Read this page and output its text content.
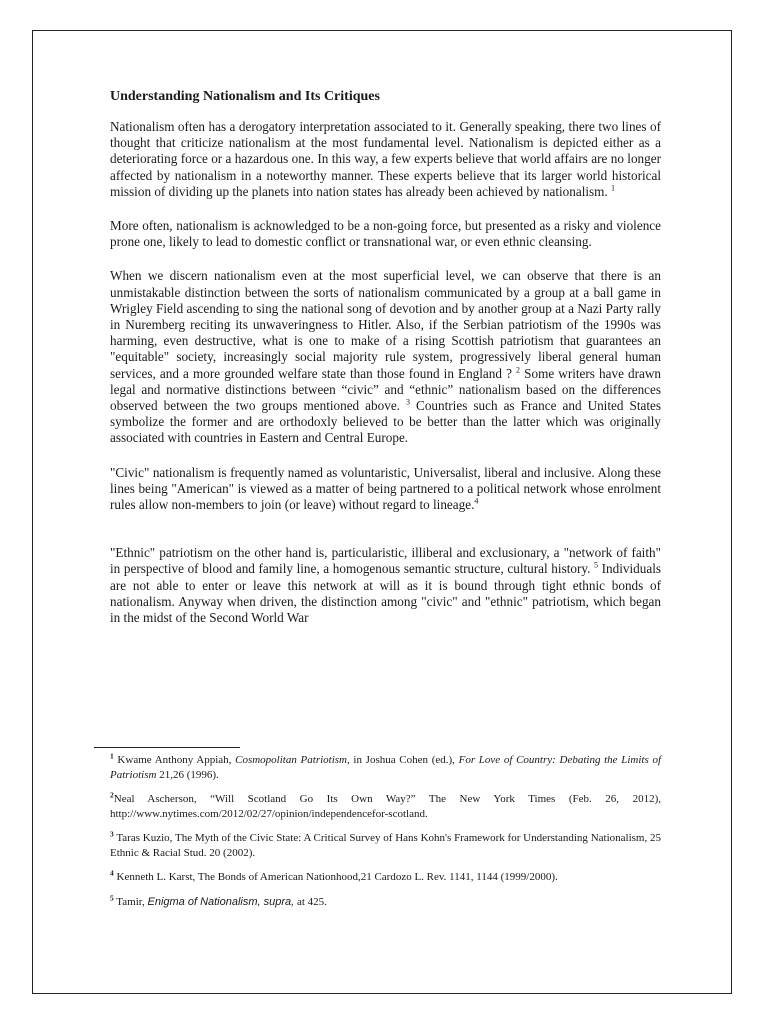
Understanding Nationalism and Its Critiques

Nationalism often has a derogatory interpretation associated to it. Generally speaking, there two lines of thought that criticize nationalism at the most fundamental level. Nationalism is depicted either as a deteriorating force or a hazardous one. In this way, a few experts believe that world affairs are no longer affected by nationalism in a noteworthy manner. These experts believe that its larger world historical mission of dividing up the planets into nation states has already been achieved by nationalism. $^1$

More often, nationalism is acknowledged to be a non-going force, but presented as a risky and violence prone one, likely to lead to domestic conflict or transnational war, or even ethnic cleansing.

When we discern nationalism even at the most superficial level, we can observe that there is an unmistakable distinction between the sorts of nationalism communicated by a group at a ball game in Wrigley Field ascending to sing the national song of devotion and by another group at a Nazi Party rally in Nuremberg reciting its unwaveringness to Hitler. Also, if the Serbian patriotism of the 1990s was harming, even destructive, what is one to make of a rising Scottish patriotism that guarantees an "equitable" society, increasingly social majority rule system, progressively liberal general human services, and a more grounded welfare state than those found in England ? $^2$ Some writers have drawn legal and normative distinctions between “civic” and “ethnic” nationalism based on the differences observed between the two groups mentioned above. $^3$ Countries such as France and United States symbolize the former and are orthodoxly believed to be better than the latter which was originally associated with countries in Eastern and Central Europe.

"Civic" nationalism is frequently named as voluntaristic, Universalist, liberal and inclusive. Along these lines being "American" is viewed as a matter of being partnered to a political network whose enrolment rules allow non-members to join (or leave) without regard to lineage.$^4$

"Ethnic" patriotism on the other hand is, particularistic, illiberal and exclusionary, a "network of faith" in perspective of blood and family line, a homogenous semantic structure, cultural history. $^5$ Individuals are not able to enter or leave this network at will as it is bound through tight ethnic bonds of nationalism. Anyway when driven, the distinction among "civic" and "ethnic" patriotism, which began in the midst of the Second World War

$^1$ Kwame Anthony Appiah, Cosmopolitan Patriotism, in Joshua Cohen (ed.), For Love of Country: Debating the Limits of Patriotism 21,26 (1996).

$^2$Neal Ascherson, “Will Scotland Go Its Own Way?” The New York Times (Feb. 26, 2012), http://www.nytimes.com/2012/02/27/opinion/independencefor-scotland.

$^3$ Taras Kuzio, The Myth of the Civic State: A Critical Survey of Hans Kohn's Framework for Understanding Nationalism, 25 Ethnic & Racial Stud. 20 (2002).

$^4$ Kenneth L. Karst, The Bonds of American Nationhood,21 Cardozo L. Rev. 1141, 1144 (1999/2000).

$^5$ Tamir, Enigma of Nationalism, supra, at 425.
